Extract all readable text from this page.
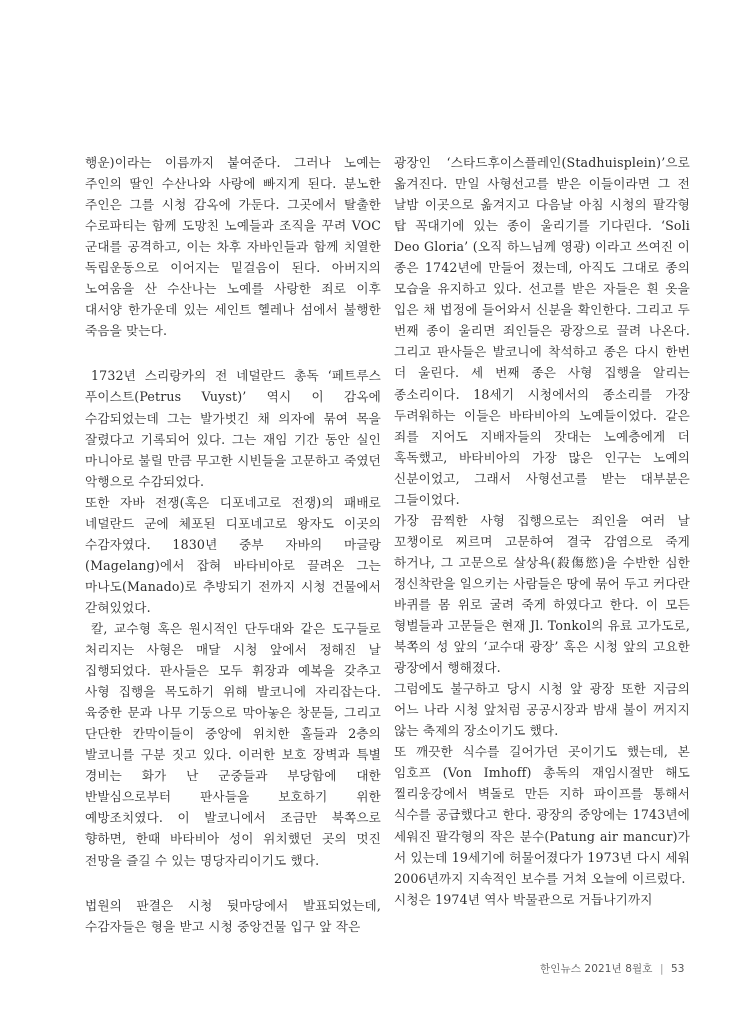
행운)이라는 이름까지 붙여준다. 그러나 노예는 주인의 딸인 수산나와 사랑에 빠지게 된다. 분노한 주인은 그를 시청 감옥에 가둔다. 그곳에서 탈출한 수로파티는 함께 도망친 노예들과 조직을 꾸려 VOC 군대를 공격하고, 이는 차후 자바인들과 함께 치열한 독립운동으로 이어지는 밑걸음이 된다. 아버지의 노여움을 산 수산나는 노예를 사랑한 죄로 이후 대서양 한가운데 있는 세인트 헬레나 섬에서 불행한 죽음을 맞는다.

1732년 스리랑카의 전 네덜란드 총독 ‘페트루스 푸이스트(Petrus Vuyst)’ 역시 이 감옥에 수감되었는데 그는 발가벗긴 채 의자에 묶여 목을 잘렸다고 기록되어 있다. 그는 재임 기간 동안 실인 마니아로 불릴 만큼 무고한 시빈들을 고문하고 죽였던 악행으로 수감되었다.

또한 자바 전쟁(혹은 디포네고로 전쟁)의 패배로 네덜란드 군에 체포된 디포네고로 왕자도 이곳의 수감자였다. 1830년 중부 자바의 마글랑(Magelang)에서 잡혀 바타비아로 끌려온 그는 마나도(Manado)로 추방되기 전까지 시청 건물에서 갇혀있었다.

칼, 교수형 혹은 원시적인 단두대와 같은 도구들로 처리지는 사형은 매달 시청 앞에서 정해진 날 집행되었다. 판사들은 모두 휘장과 예복을 갖추고 사형 집행을 목도하기 위해 발코니에 자리잡는다. 육중한 문과 나무 기둥으로 막아놓은 창문들, 그리고 단단한 칸막이들이 중앙에 위치한 홀들과 2층의 발코니를 구분 짓고 있다. 이러한 보호 장벽과 특별 경비는 화가 난 군중들과 부당함에 대한 반발심으로부터 판사들을 보호하기 위한 예방조치였다. 이 발코니에서 조금만 북쪽으로 향하면, 한때 바타비아 성이 위치했던 곳의 멋진 전망을 즐길 수 있는 명당자리이기도 했다.

법원의 판결은 시청 뒷마당에서 발표되었는데, 수감자들은 형을 받고 시청 중앙건물 입구 앞 작은

광장인 ‘스타드후이스플레인(Stadhuisplein)’으로 옮겨진다. 만일 사형선고를 받은 이들이라면 그 전 날밤 이곳으로 옮겨지고 다음날 아침 시청의 팔각형 탑 꼭대기에 있는 종이 울리기를 기다린다. ‘Soli Deo Gloria’ (오직 하느님께 영광) 이라고 쓰여진 이 종은 1742년에 만들어 졌는데, 아직도 그대로 종의 모습을 유지하고 있다. 선고를 받은 자들은 흰 옷을 입은 채 법정에 들어와서 신분을 확인한다. 그리고 두 번째 종이 울리면 죄인들은 광장으로 끌려 나온다. 그리고 판사들은 발코니에 착석하고 종은 다시 한번 더 울린다. 세 번째 종은 사형 집행을 알리는 종소리이다. 18세기 시청에서의 종소리를 가장 두려워하는 이들은 바타비아의 노예들이었다. 같은 죄를 지어도 지배자들의 잣대는 노예층에게 더 혹독했고, 바타비아의 가장 많은 인구는 노예의 신분이었고, 그래서 사형선고를 받는 대부분은 그들이었다.

가장 끔찍한 사형 집행으로는 죄인을 여러 날 꼬챙이로 찌르며 고문하여 결국 감염으로 죽게 하거나, 그 고문으로 살상욕(殺傷慾)을 수반한 심한 정신착란을 일으키는 사람들은 땅에 묶어 두고 커다란 바퀴를 몸 위로 굴려 죽게 하였다고 한다. 이 모든 형벌들과 고문들은 현재 Jl. Tonkol의 유료 고가도로, 북쪽의 성 앞의 ‘교수대 광장’ 혹은 시청 앞의 고요한 광장에서 행해졌다.

그럼에도 불구하고 당시 시청 앞 광장 또한 지금의 어느 나라 시청 앞처럼 공공시장과 밤새 불이 꺼지지 않는 축제의 장소이기도 했다.

또 깨끗한 식수를 길어가던 곳이기도 했는데, 본 임호프 (Von Imhoff) 총독의 재임시절만 해도 찔리웅강에서 벽돌로 만든 지하 파이프를 통해서 식수를 공급했다고 한다. 광장의 중앙에는 1743년에 세워진 팔각형의 작은 분수(Patung air mancur)가 서 있는데 19세기에 허물어졌다가 1973년 다시 세워 2006년까지 지속적인 보수를 거쳐 오늘에 이르렀다.

시청은 1974년 역사 박물관으로 거듭나기까지

한인뉴스 2021년 8월호 | 53
